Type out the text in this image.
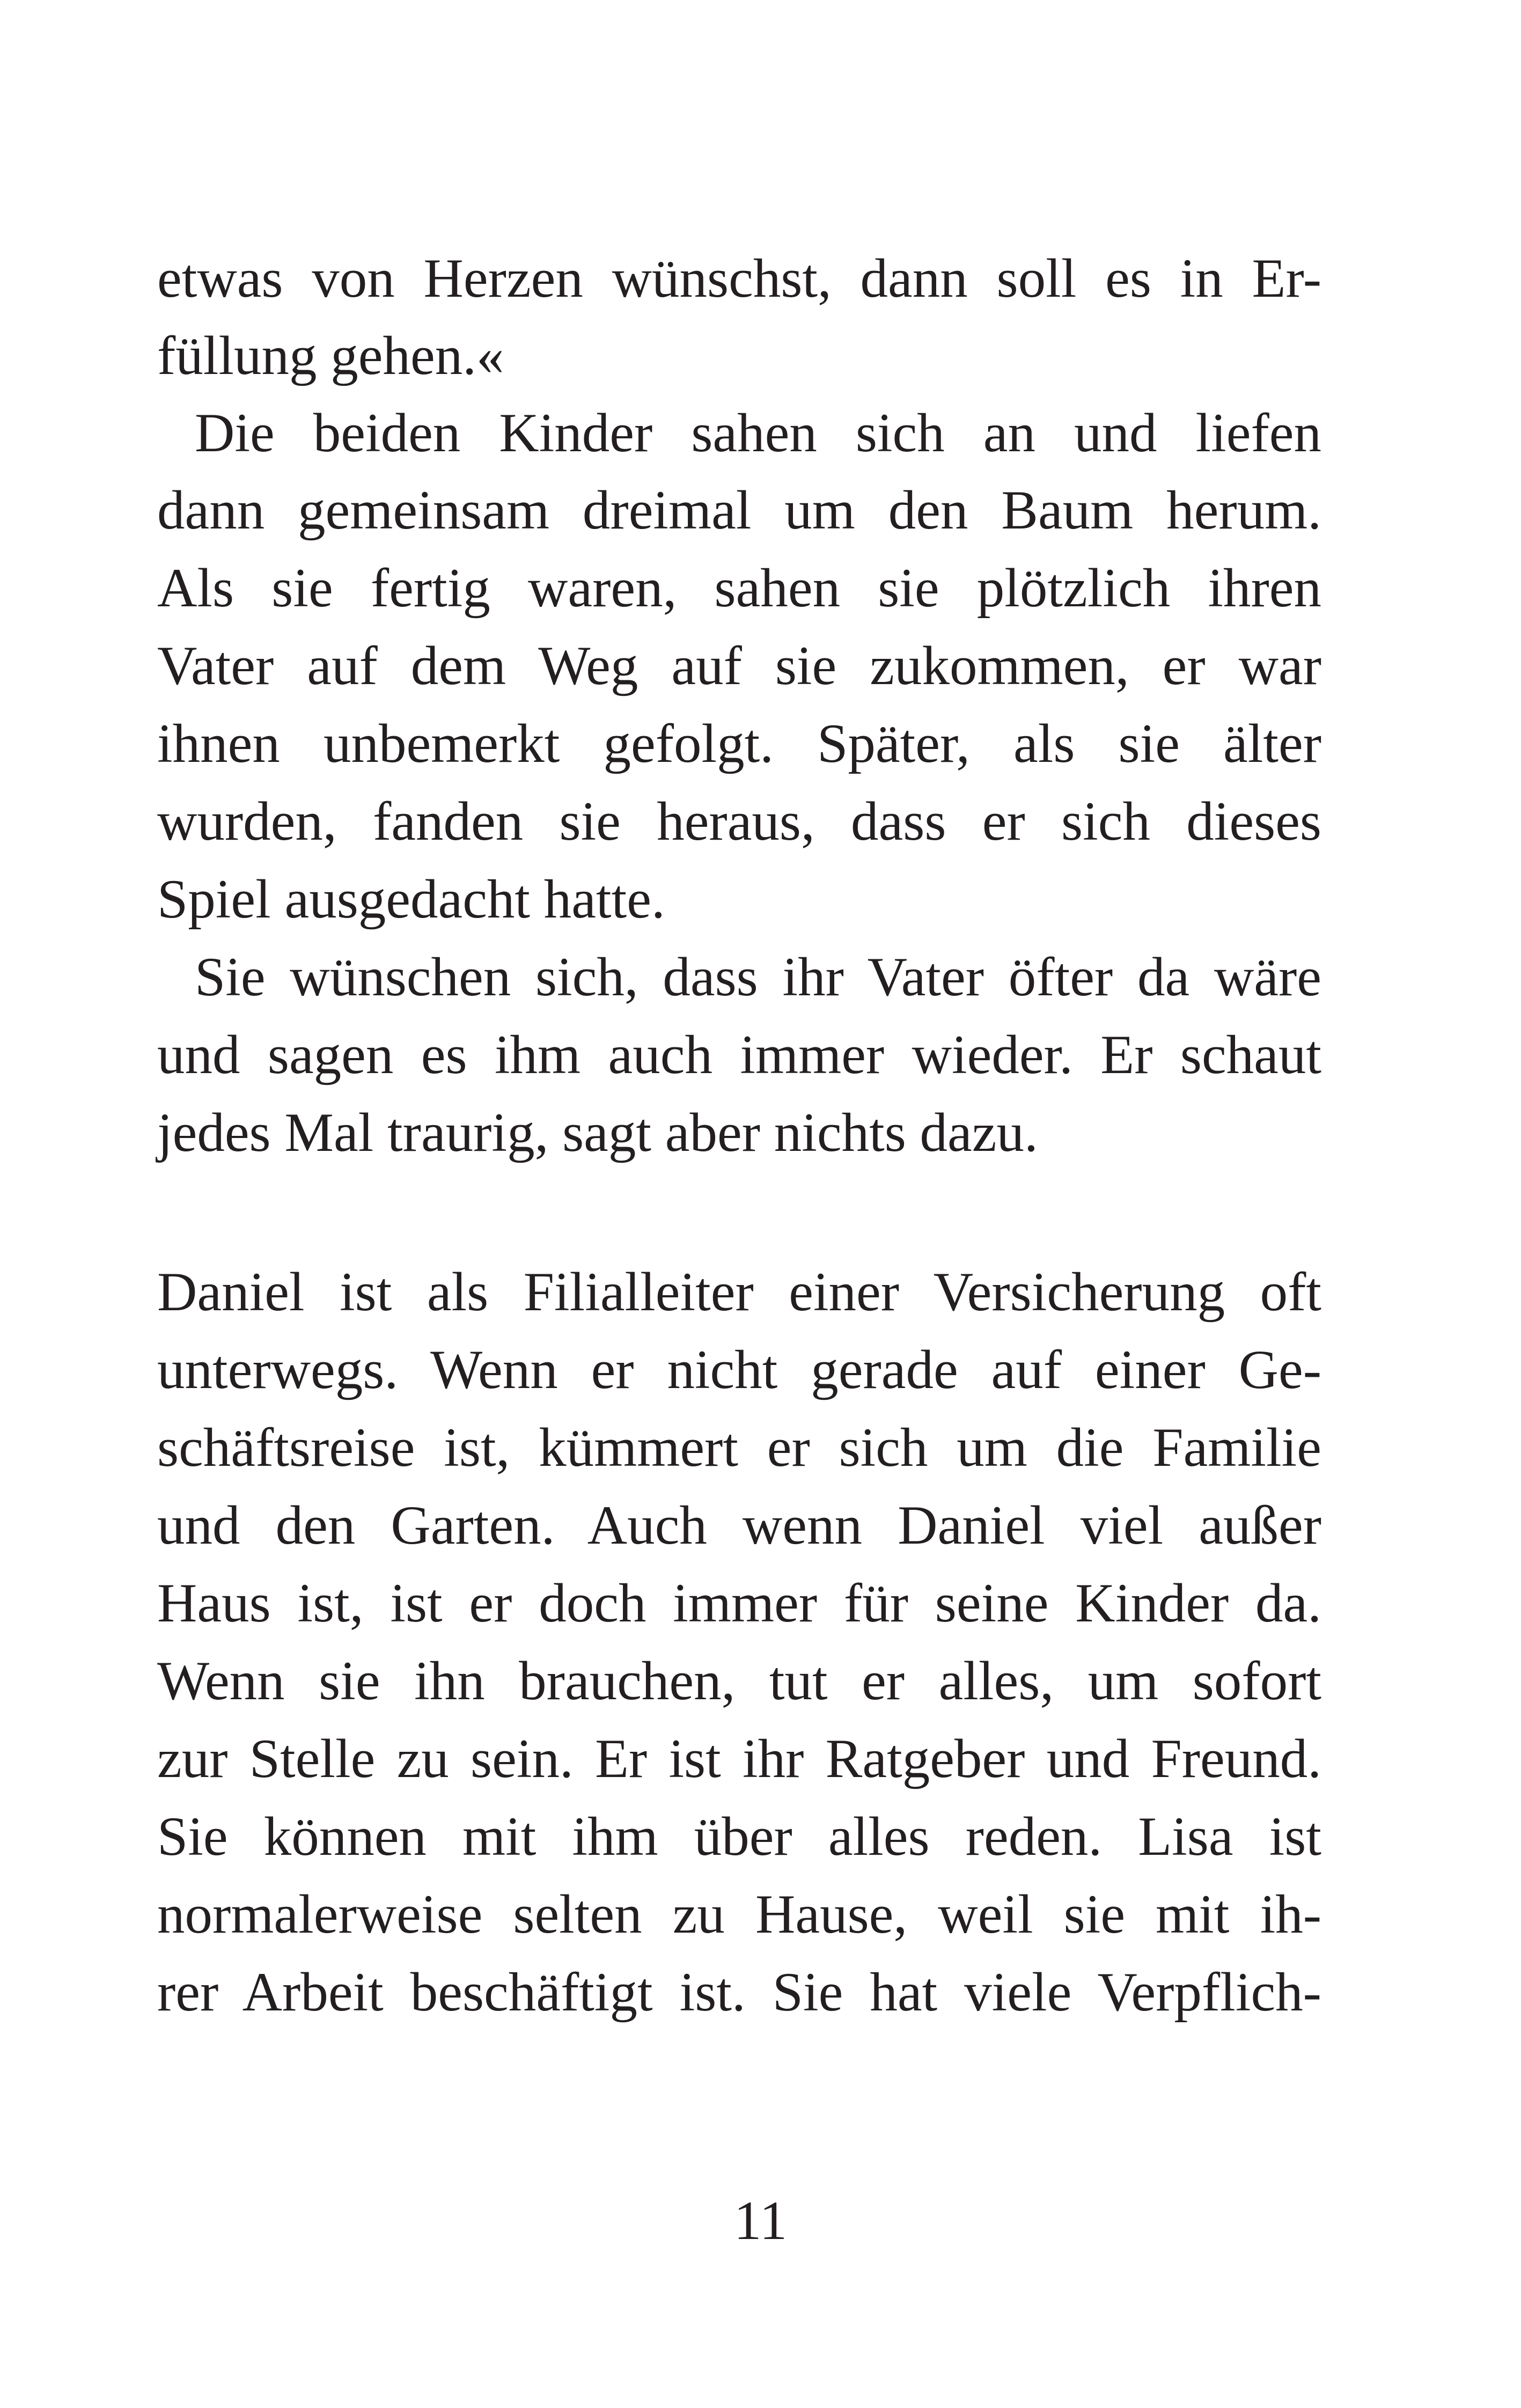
etwas von Herzen wünschst, dann soll es in Er-
füllung gehen.«
Die beiden Kinder sahen sich an und liefen
dann gemeinsam dreimal um den Baum herum.
Als sie fertig waren, sahen sie plötzlich ihren
Vater auf dem Weg auf sie zukommen, er war
ihnen unbemerkt gefolgt. Später, als sie älter
wurden, fanden sie heraus, dass er sich dieses
Spiel ausgedacht hatte.
Sie wünschen sich, dass ihr Vater öfter da wäre
und sagen es ihm auch immer wieder. Er schaut
jedes Mal traurig, sagt aber nichts dazu.
Daniel ist als Filialleiter einer Versicherung oft
unterwegs. Wenn er nicht gerade auf einer Ge-
schäftsreise ist, kümmert er sich um die Familie
und den Garten. Auch wenn Daniel viel außer
Haus ist, ist er doch immer für seine Kinder da.
Wenn sie ihn brauchen, tut er alles, um sofort
zur Stelle zu sein. Er ist ihr Ratgeber und Freund.
Sie können mit ihm über alles reden. Lisa ist
normalerweise selten zu Hause, weil sie mit ih-
rer Arbeit beschäftigt ist. Sie hat viele Verpflich-
11
